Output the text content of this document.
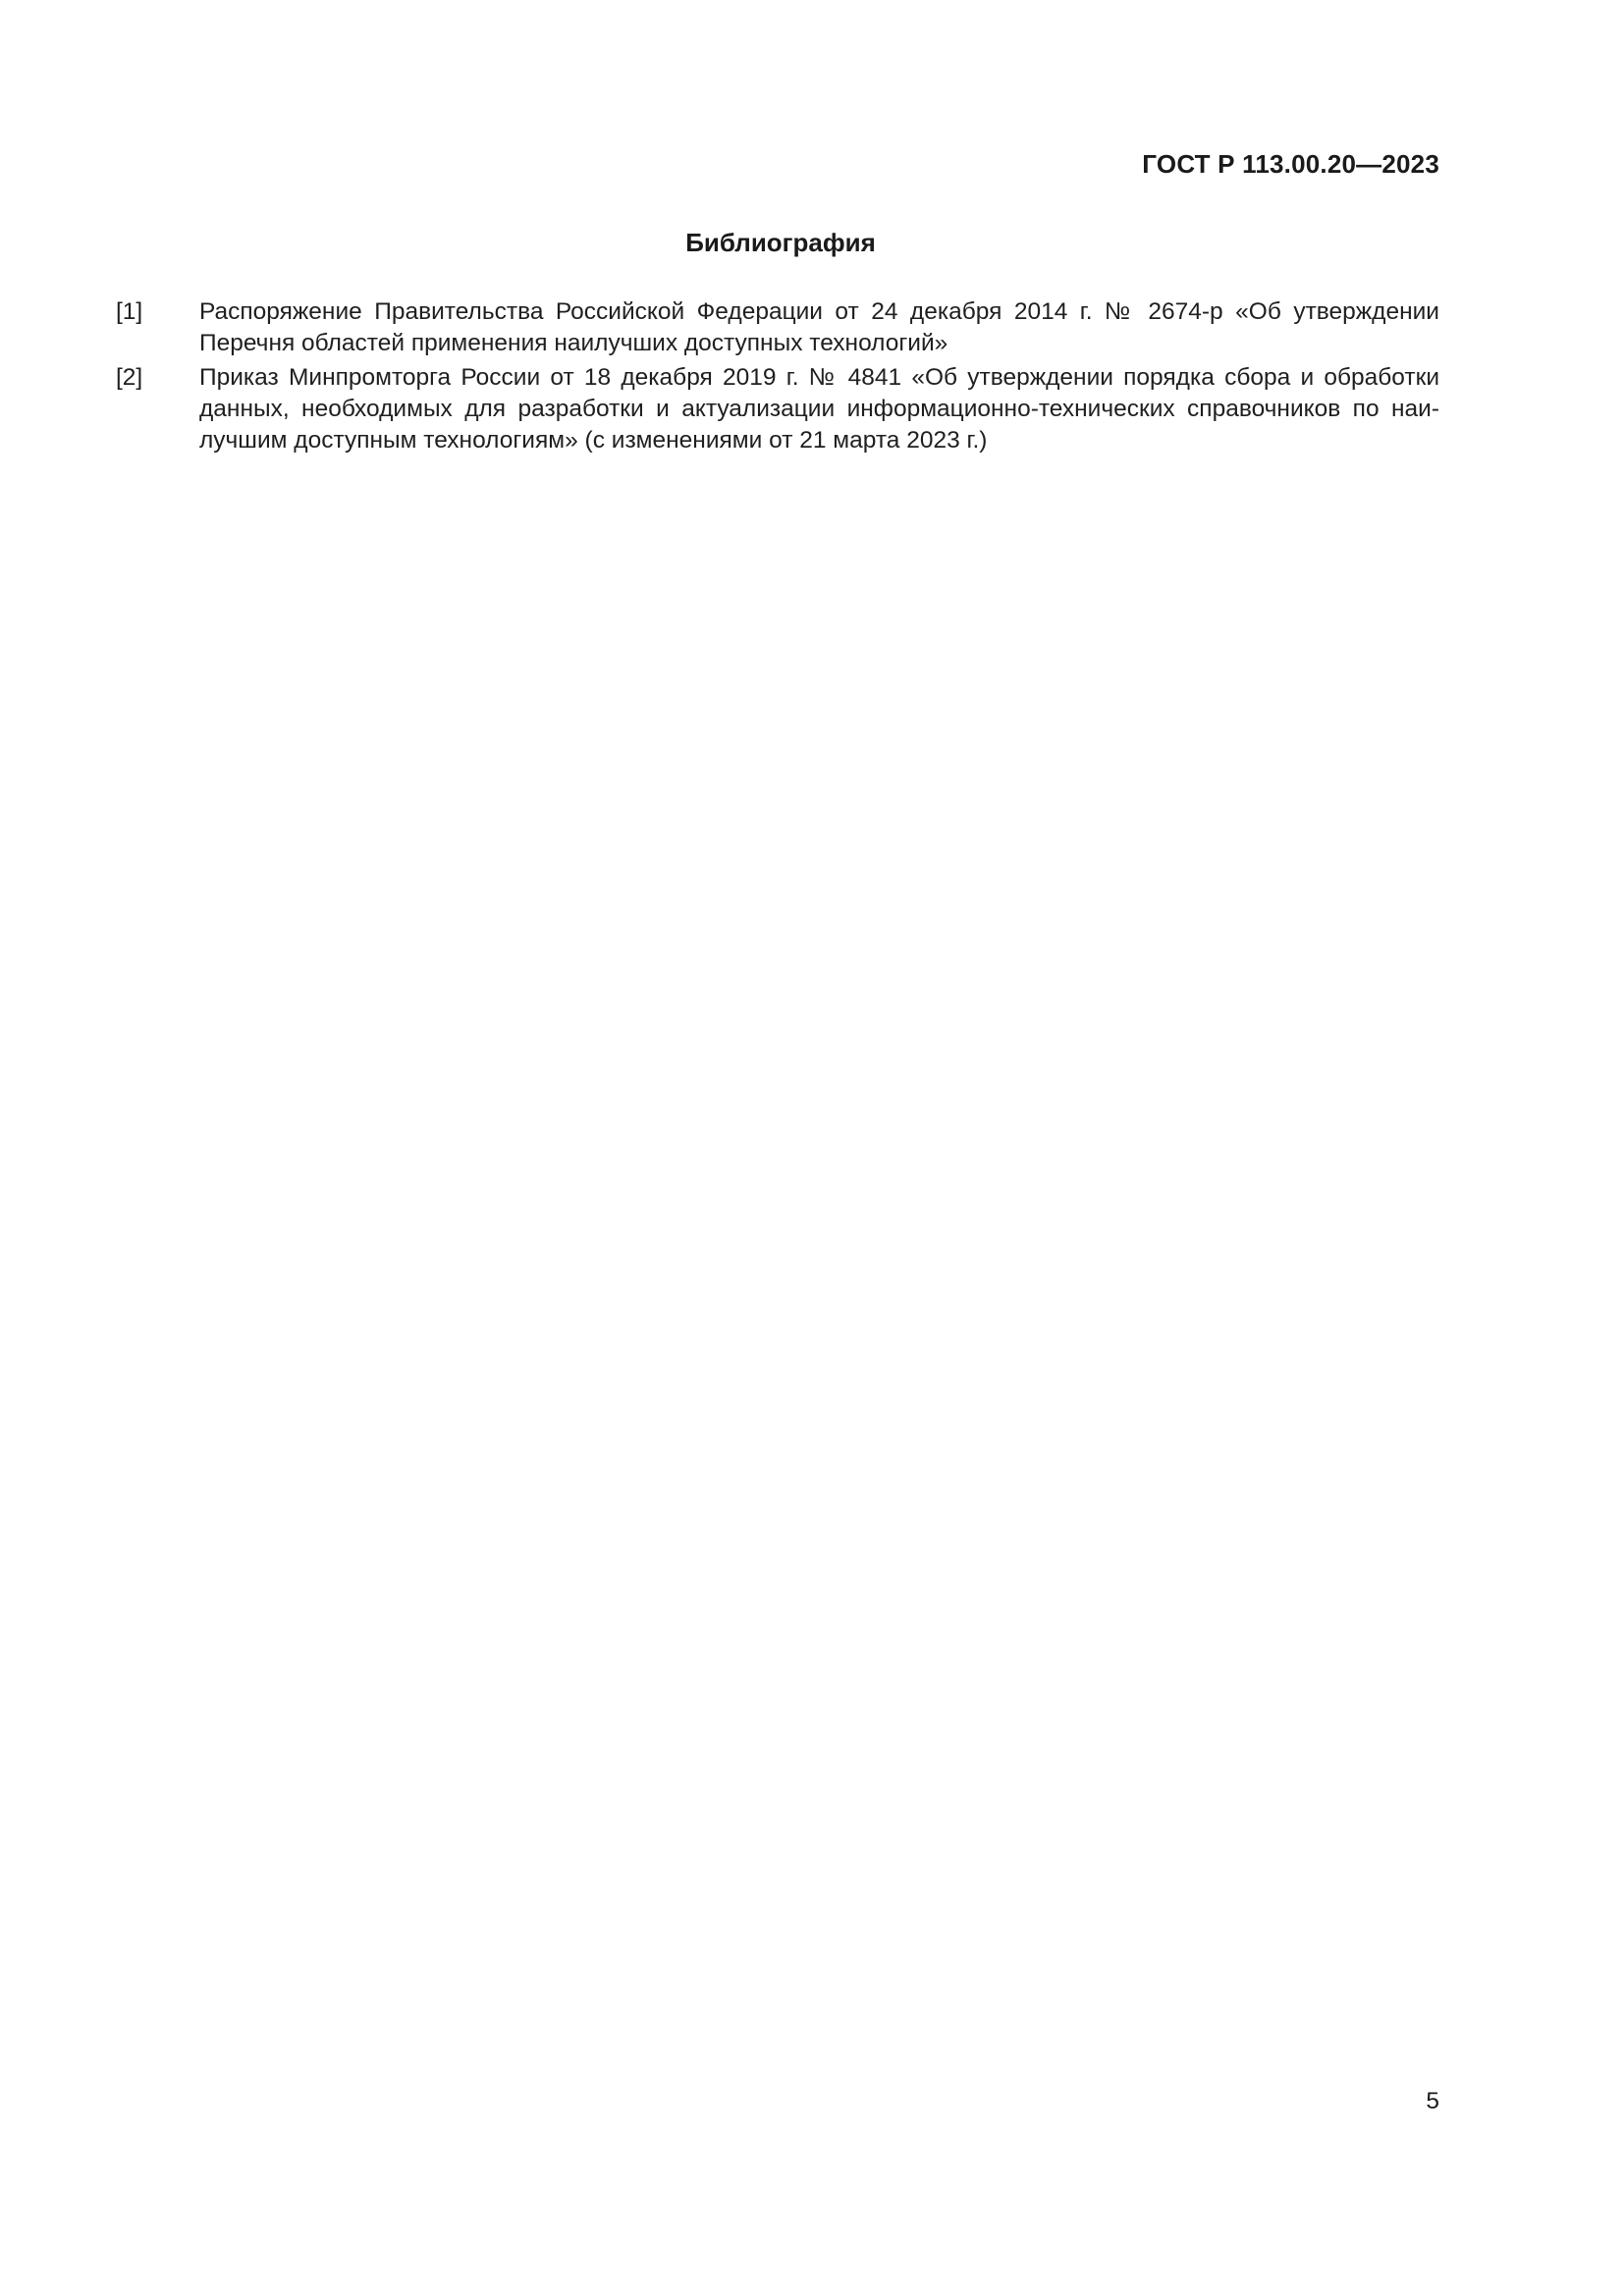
ГОСТ Р 113.00.20—2023
Библиография
[1]	Распоряжение Правительства Российской Федерации от 24 декабря 2014 г. № 2674-р «Об утверждении Перечня областей применения наилучших доступных технологий»
[2]	Приказ Минпромторга России от 18 декабря 2019 г. № 4841 «Об утверждении порядка сбора и обработки данных, необходимых для разработки и актуализации информационно-технических справочников по наилучшим доступным технологиям» (с изменениями от 21 марта 2023 г.)
5
